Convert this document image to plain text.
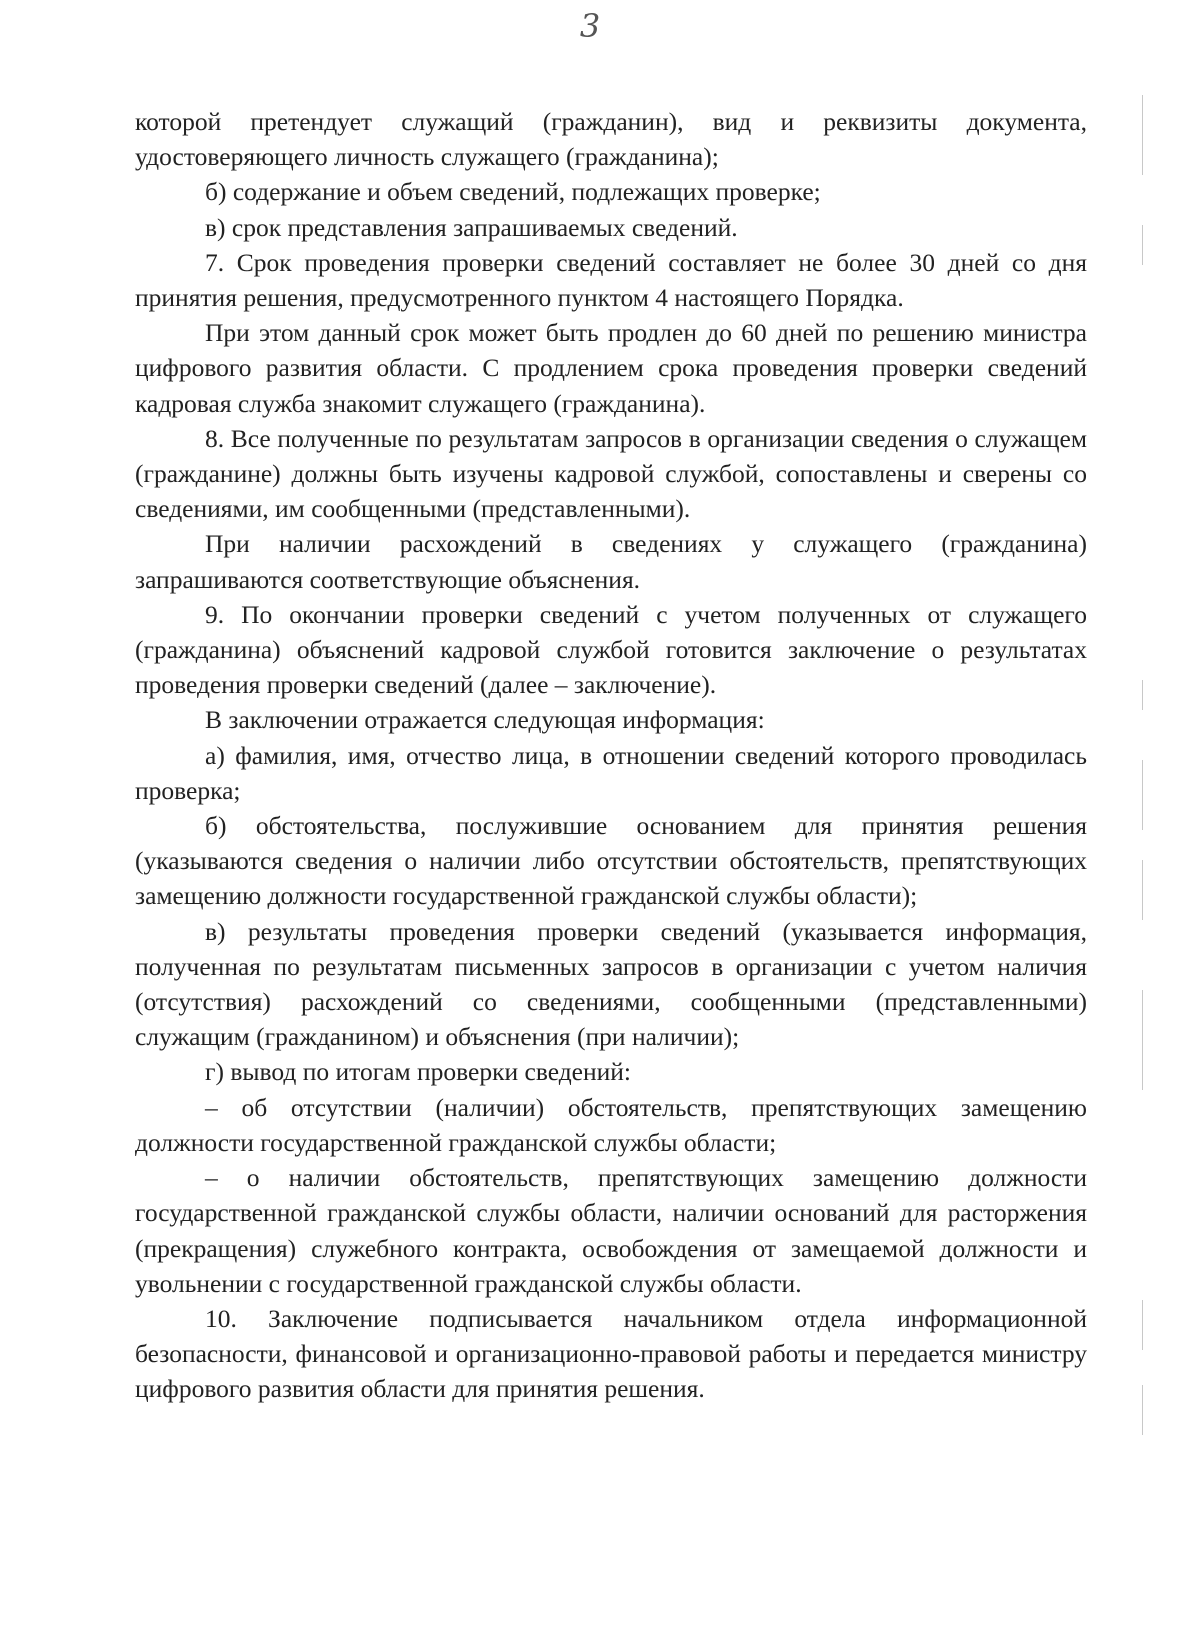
3

которой претендует служащий (гражданин), вид и реквизиты документа, удостоверяющего личность служащего (гражданина);

б) содержание и объем сведений, подлежащих проверке;

в) срок представления запрашиваемых сведений.

7. Срок проведения проверки сведений составляет не более 30 дней со дня принятия решения, предусмотренного пунктом 4 настоящего Порядка.

При этом данный срок может быть продлен до 60 дней по решению министра цифрового развития области. С продлением срока проведения проверки сведений кадровая служба знакомит служащего (гражданина).

8. Все полученные по результатам запросов в организации сведения о служащем (гражданине) должны быть изучены кадровой службой, сопоставлены и сверены со сведениями, им сообщенными (представленными).

При наличии расхождений в сведениях у служащего (гражданина) запрашиваются соответствующие объяснения.

9. По окончании проверки сведений с учетом полученных от служащего (гражданина) объяснений кадровой службой готовится заключение о результатах проведения проверки сведений (далее – заключение).

В заключении отражается следующая информация:

а) фамилия, имя, отчество лица, в отношении сведений которого проводилась проверка;

б) обстоятельства, послужившие основанием для принятия решения (указываются сведения о наличии либо отсутствии обстоятельств, препятствующих замещению должности государственной гражданской службы области);

в) результаты проведения проверки сведений (указывается информация, полученная по результатам письменных запросов в организации с учетом наличия (отсутствия) расхождений со сведениями, сообщенными (представленными) служащим (гражданином) и объяснения (при наличии);

г) вывод по итогам проверки сведений:

– об отсутствии (наличии) обстоятельств, препятствующих замещению должности государственной гражданской службы области;

– о наличии обстоятельств, препятствующих замещению должности государственной гражданской службы области, наличии оснований для расторжения (прекращения) служебного контракта, освобождения от замещаемой должности и увольнении с государственной гражданской службы области.

10. Заключение подписывается начальником отдела информационной безопасности, финансовой и организационно-правовой работы и передается министру цифрового развития области для принятия решения.
